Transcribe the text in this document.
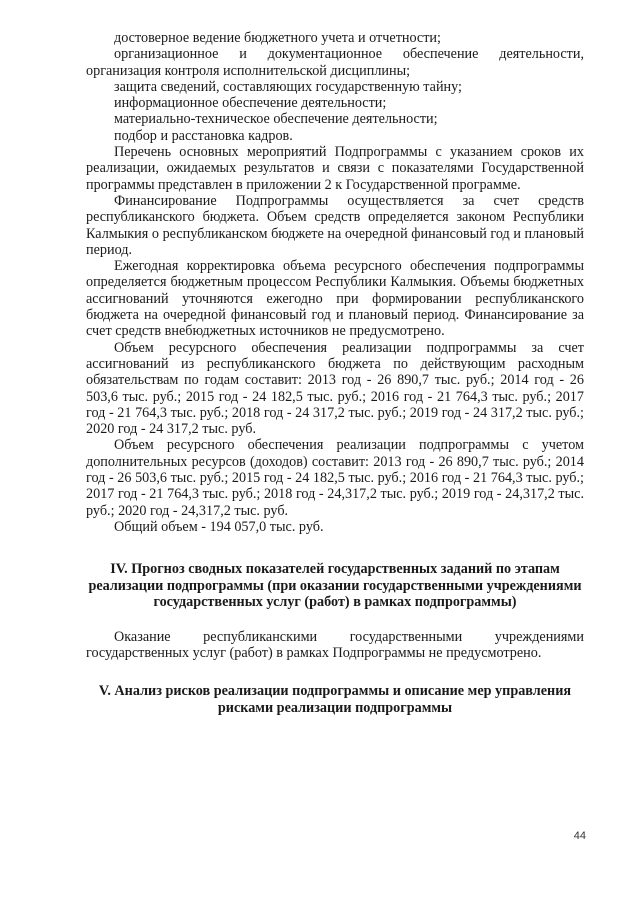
достоверное ведение бюджетного учета и отчетности;

организационное и документационное обеспечение деятельности, организация контроля исполнительской дисциплины;

защита сведений, составляющих государственную тайну;

информационное обеспечение деятельности;

материально-техническое обеспечение деятельности;

подбор и расстановка кадров.

Перечень основных мероприятий Подпрограммы с указанием сроков их реализации, ожидаемых результатов и связи с показателями Государственной программы представлен в приложении 2 к Государственной программе.

Финансирование Подпрограммы осуществляется за счет средств республиканского бюджета. Объем средств определяется законом Республики Калмыкия о республиканском бюджете на очередной финансовый год и плановый период.

Ежегодная корректировка объема ресурсного обеспечения подпрограммы определяется бюджетным процессом Республики Калмыкия. Объемы бюджетных ассигнований уточняются ежегодно при формировании республиканского бюджета на очередной финансовый год и плановый период. Финансирование за счет средств внебюджетных источников не предусмотрено.

Объем ресурсного обеспечения реализации подпрограммы за счет ассигнований из республиканского бюджета по действующим расходным обязательствам по годам составит: 2013 год - 26 890,7 тыс. руб.; 2014 год - 26 503,6 тыс. руб.; 2015 год - 24 182,5 тыс. руб.; 2016 год - 21 764,3 тыс. руб.; 2017 год - 21 764,3 тыс. руб.; 2018 год - 24 317,2 тыс. руб.; 2019 год - 24 317,2 тыс. руб.; 2020 год - 24 317,2 тыс. руб.

Объем ресурсного обеспечения реализации подпрограммы с учетом дополнительных ресурсов (доходов) составит: 2013 год - 26 890,7 тыс. руб.; 2014 год - 26 503,6 тыс. руб.; 2015 год - 24 182,5 тыс. руб.; 2016 год - 21 764,3 тыс. руб.; 2017 год - 21 764,3 тыс. руб.; 2018 год - 24,317,2 тыс. руб.; 2019 год - 24,317,2 тыс. руб.; 2020 год - 24,317,2 тыс. руб.

Общий объем - 194 057,0 тыс. руб.

IV. Прогноз сводных показателей государственных заданий по этапам реализации подпрограммы (при оказании государственными учреждениями государственных услуг (работ) в рамках подпрограммы)

Оказание республиканскими государственными учреждениями государственных услуг (работ) в рамках Подпрограммы не предусмотрено.

V. Анализ рисков реализации подпрограммы и описание мер управления рисками реализации подпрограммы

44
